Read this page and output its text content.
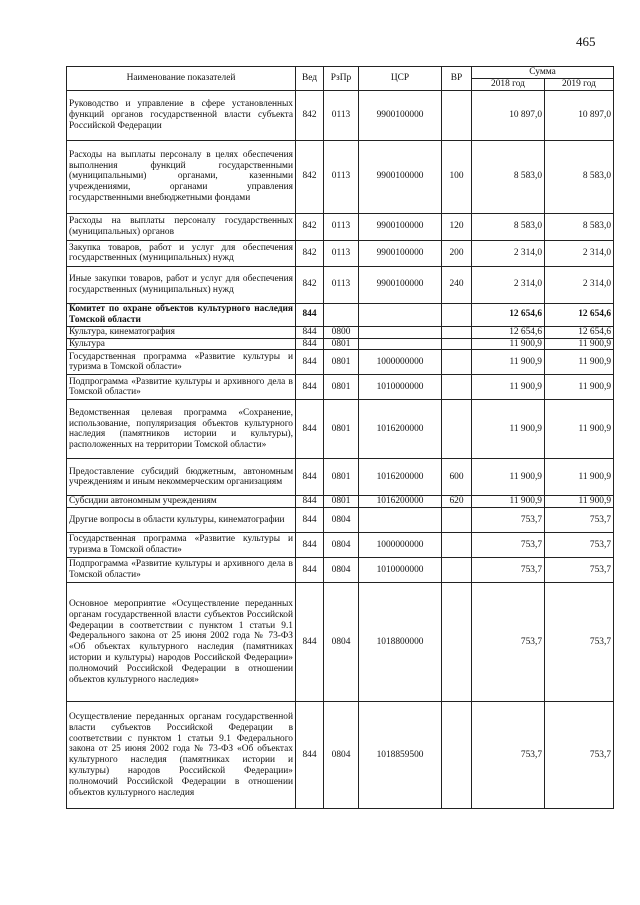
465
Наименование показателей	Вед	РзПр	ЦСР	ВР	Сумма	
					2018 год	2019 год
Руководство и управление в сфере установленных функций органов государственной власти субъекта Российской Федерации	842	0113	9900100000		10 897,0	10 897,0
Расходы на выплаты персоналу в целях обеспечения выполнения функций государственными (муниципальными) органами, казенными учреждениями, органами управления государственными внебюджетными фондами	842	0113	9900100000	100	8 583,0	8 583,0
Расходы на выплаты персоналу государственных (муниципальных) органов	842	0113	9900100000	120	8 583,0	8 583,0
Закупка товаров, работ и услуг для обеспечения государственных (муниципальных) нужд	842	0113	9900100000	200	2 314,0	2 314,0
Иные закупки товаров, работ и услуг для обеспечения государственных (муниципальных) нужд	842	0113	9900100000	240	2 314,0	2 314,0
Комитет по охране объектов культурного наследия Томской области	844				12 654,6	12 654,6
Культура, кинематография	844	0800			12 654,6	12 654,6
Культура	844	0801			11 900,9	11 900,9
Государственная программа «Развитие культуры и туризма в Томской области»	844	0801	1000000000		11 900,9	11 900,9
Подпрограмма «Развитие культуры и архивного дела в Томской области»	844	0801	1010000000		11 900,9	11 900,9
Ведомственная целевая программа «Сохранение, использование, популяризация объектов культурного наследия (памятников истории и культуры), расположенных на территории Томской области»	844	0801	1016200000		11 900,9	11 900,9
Предоставление субсидий бюджетным, автономным учреждениям и иным некоммерческим организациям	844	0801	1016200000	600	11 900,9	11 900,9
Субсидии автономным учреждениям	844	0801	1016200000	620	11 900,9	11 900,9
Другие вопросы в области культуры, кинематографии	844	0804			753,7	753,7
Государственная программа «Развитие культуры и туризма в Томской области»	844	0804	1000000000		753,7	753,7
Подпрограмма «Развитие культуры и архивного дела в Томской области»	844	0804	1010000000		753,7	753,7
Основное мероприятие «Осуществление переданных органам государственной власти субъектов Российской Федерации в соответствии с пунктом 1 статьи 9.1 Федерального закона от 25 июня 2002 года № 73-ФЗ «Об объектах культурного наследия (памятниках истории и культуры) народов Российской Федерации» полномочий Российской Федерации в отношении объектов культурного наследия»	844	0804	1018800000		753,7	753,7
Осуществление переданных органам государственной власти субъектов Российской Федерации в соответствии с пунктом 1 статьи 9.1 Федерального закона от 25 июня 2002 года № 73-ФЗ «Об объектах культурного наследия (памятниках истории и культуры) народов Российской Федерации» полномочий Российской Федерации в отношении объектов культурного наследия	844	0804	1018859500		753,7	753,7
